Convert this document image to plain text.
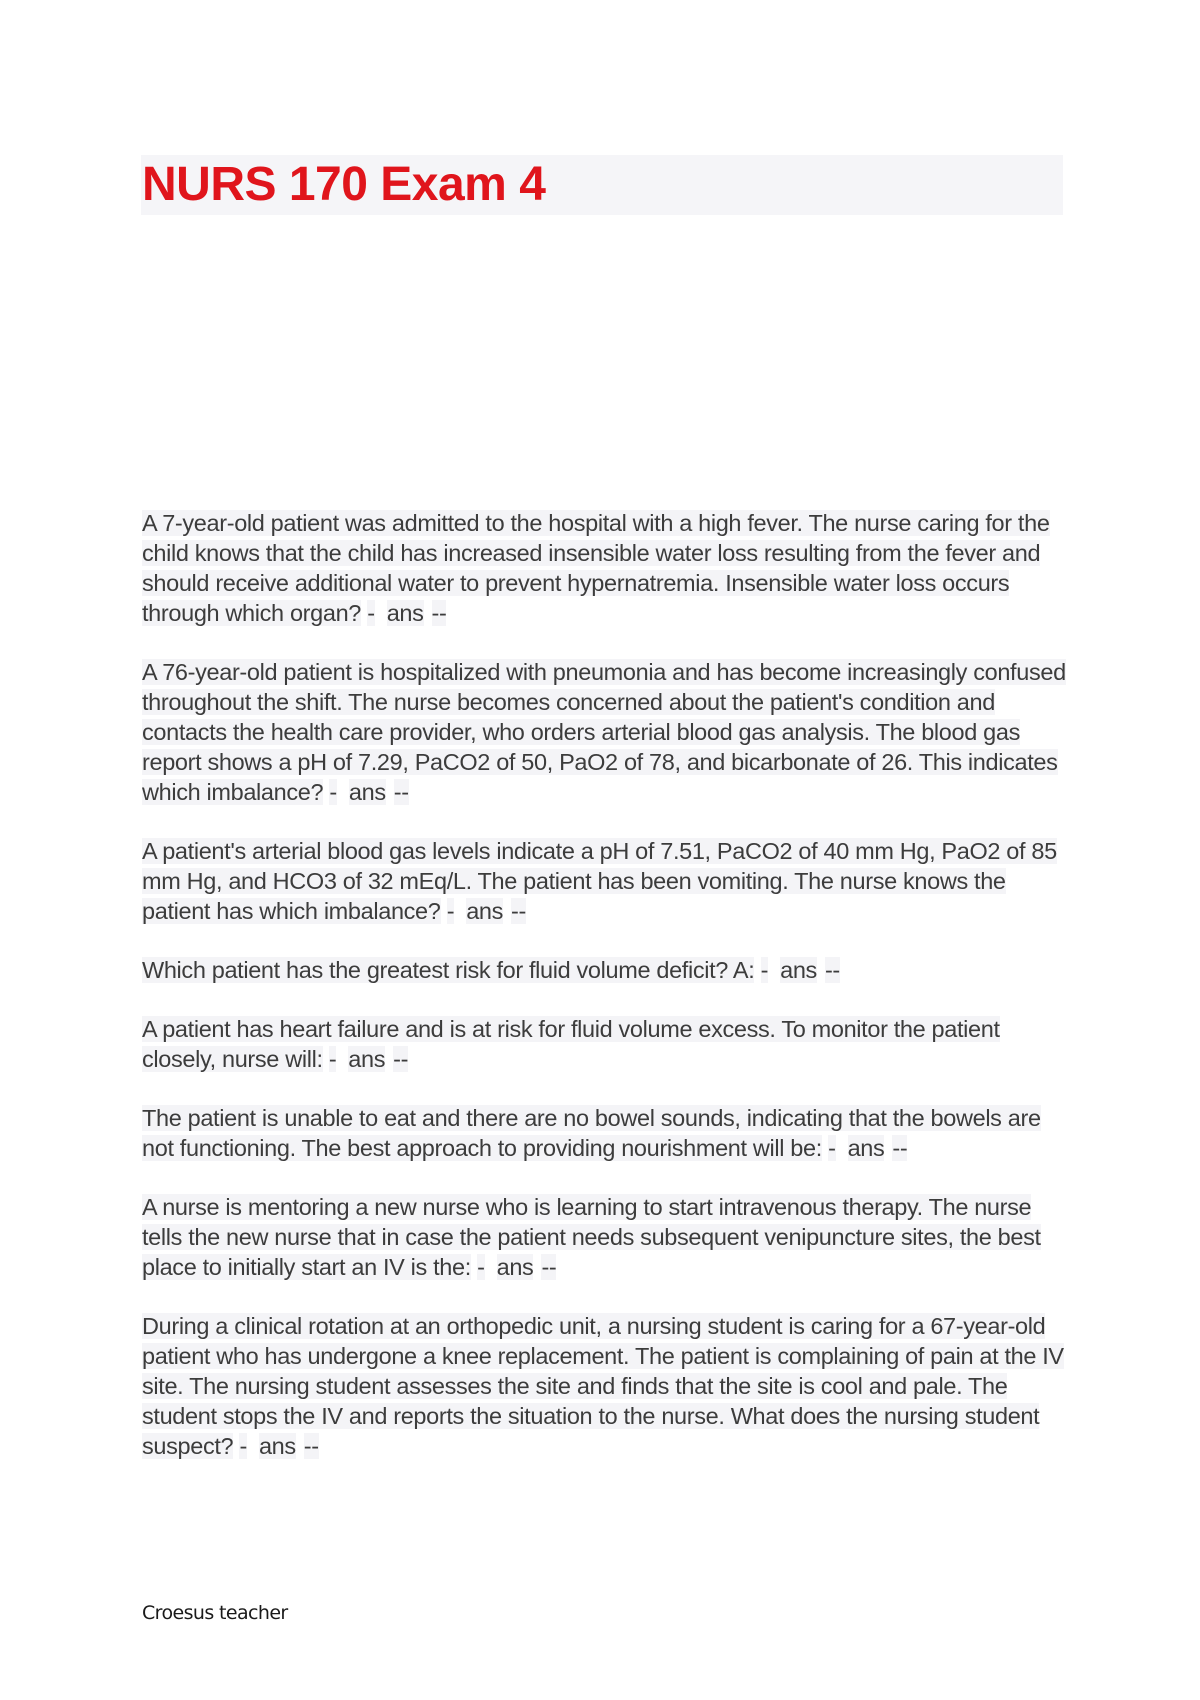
NURS 170 Exam 4
A 7-year-old patient was admitted to the hospital with a high fever. The nurse caring for the child knows that the child has increased insensible water loss resulting from the fever and should receive additional water to prevent hypernatremia. Insensible water loss occurs through which organ? - ans --
A 76-year-old patient is hospitalized with pneumonia and has become increasingly confused throughout the shift. The nurse becomes concerned about the patient's condition and contacts the health care provider, who orders arterial blood gas analysis. The blood gas report shows a pH of 7.29, PaCO2 of 50, PaO2 of 78, and bicarbonate of 26. This indicates which imbalance? - ans --
A patient's arterial blood gas levels indicate a pH of 7.51, PaCO2 of 40 mm Hg, PaO2 of 85 mm Hg, and HCO3 of 32 mEq/L. The patient has been vomiting. The nurse knows the patient has which imbalance? - ans --
Which patient has the greatest risk for fluid volume deficit? A: - ans --
A patient has heart failure and is at risk for fluid volume excess. To monitor the patient closely, nurse will: - ans --
The patient is unable to eat and there are no bowel sounds, indicating that the bowels are not functioning. The best approach to providing nourishment will be: - ans --
A nurse is mentoring a new nurse who is learning to start intravenous therapy. The nurse tells the new nurse that in case the patient needs subsequent venipuncture sites, the best place to initially start an IV is the: - ans --
During a clinical rotation at an orthopedic unit, a nursing student is caring for a 67-year-old patient who has undergone a knee replacement. The patient is complaining of pain at the IV site. The nursing student assesses the site and finds that the site is cool and pale. The student stops the IV and reports the situation to the nurse. What does the nursing student suspect? - ans --

Croesus teacher
